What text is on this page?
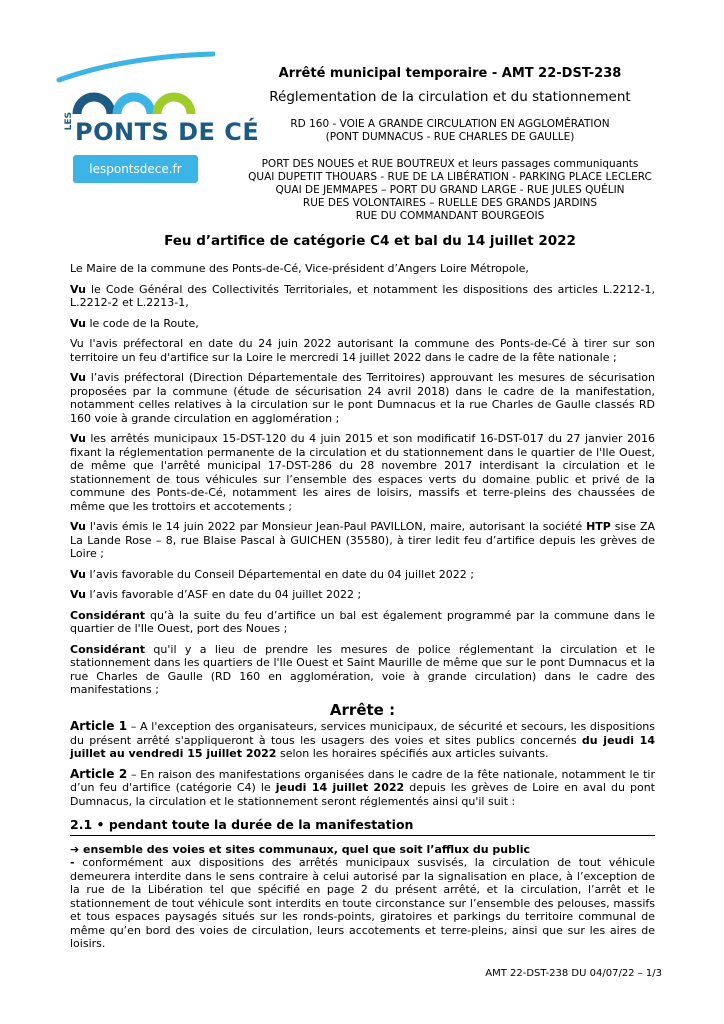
LES PONTS DE CÉ
lespontsdece.fr
Arrêté municipal temporaire - AMT 22-DST-238
Réglementation de la circulation et du stationnement
RD 160 - VOIE A GRANDE CIRCULATION EN AGGLOMÉRATION
(PONT DUMNACUS - RUE CHARLES DE GAULLE)
PORT DES NOUES et RUE BOUTREUX et leurs passages communiquants
QUAI DUPETIT THOUARS - RUE DE LA LIBÉRATION - PARKING PLACE LECLERC
QUAI DE JEMMAPES – PORT DU GRAND LARGE - RUE JULES QUÉLIN
RUE DES VOLONTAIRES – RUELLE DES GRANDS JARDINS
RUE DU COMMANDANT BOURGEOIS
Feu d’artifice de catégorie C4 et bal du 14 juillet 2022

Le Maire de la commune des Ponts-de-Cé, Vice-président d’Angers Loire Métropole,

Vu le Code Général des Collectivités Territoriales, et notamment les dispositions des articles L.2212-1, L.2212-2 et L.2213-1,

Vu le code de la Route,

Vu l'avis préfectoral en date du 24 juin 2022 autorisant la commune des Ponts-de-Cé à tirer sur son territoire un feu d'artifice sur la Loire le mercredi 14 juillet 2022 dans le cadre de la fête nationale ;

Vu l’avis préfectoral (Direction Départementale des Territoires) approuvant les mesures de sécurisation proposées par la commune (étude de sécurisation 24 avril 2018) dans le cadre de la manifestation, notamment celles relatives à la circulation sur le pont Dumnacus et la rue Charles de Gaulle classés RD 160 voie à grande circulation en agglomération ;

Vu les arrêtés municipaux 15-DST-120 du 4 juin 2015 et son modificatif 16-DST-017 du 27 janvier 2016 fixant la réglementation permanente de la circulation et du stationnement dans le quartier de l'Ile Ouest, de même que l'arrêté municipal 17-DST-286 du 28 novembre 2017 interdisant la circulation et le stationnement de tous véhicules sur l’ensemble des espaces verts du domaine public et privé de la commune des Ponts-de-Cé, notamment les aires de loisirs, massifs et terre-pleins des chaussées de même que les trottoirs et accotements ;

Vu l'avis émis le 14 juin 2022 par Monsieur Jean-Paul PAVILLON, maire, autorisant la société HTP sise ZA La Lande Rose – 8, rue Blaise Pascal à GUICHEN (35580), à tirer ledit feu d’artifice depuis les grèves de Loire ;

Vu l’avis favorable du Conseil Départemental en date du 04 juillet 2022 ;

Vu l’avis favorable d’ASF en date du 04 juillet 2022 ;

Considérant qu’à la suite du feu d’artifice un bal est également programmé par la commune dans le quartier de l'Ile Ouest, port des Noues ;

Considérant qu'il y a lieu de prendre les mesures de police réglementant la circulation et le stationnement dans les quartiers de l'Ile Ouest et Saint Maurille de même que sur le pont Dumnacus et la rue Charles de Gaulle (RD 160 en agglomération, voie à grande circulation) dans le cadre des manifestations ;

Arrête :

Article 1 – A l'exception des organisateurs, services municipaux, de sécurité et secours, les dispositions du présent arrêté s'appliqueront à tous les usagers des voies et sites publics concernés du jeudi 14 juillet au vendredi 15 juillet 2022 selon les horaires spécifiés aux articles suivants.

Article 2 – En raison des manifestations organisées dans le cadre de la fête nationale, notamment le tir d’un feu d'artifice (catégorie C4) le jeudi 14 juillet 2022 depuis les grèves de Loire en aval du pont Dumnacus, la circulation et le stationnement seront réglementés ainsi qu'il suit :

2.1 • pendant toute la durée de la manifestation

➔ ensemble des voies et sites communaux, quel que soit l’afflux du public

- conformément aux dispositions des arrêtés municipaux susvisés, la circulation de tout véhicule demeurera interdite dans le sens contraire à celui autorisé par la signalisation en place, à l’exception de la rue de la Libération tel que spécifié en page 2 du présent arrêté, et la circulation, l’arrêt et le stationnement de tout véhicule sont interdits en toute circonstance sur l’ensemble des pelouses, massifs et tous espaces paysagés situés sur les ronds-points, giratoires et parkings du territoire communal de même qu’en bord des voies de circulation, leurs accotements et terre-pleins, ainsi que sur les aires de loisirs.

AMT 22-DST-238 DU 04/07/22 – 1/3
